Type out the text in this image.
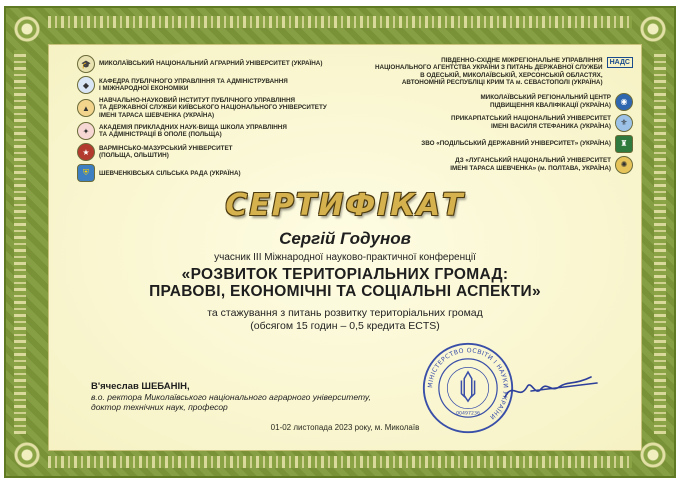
🎓	МИКОЛАЇВСЬКИЙ НАЦІОНАЛЬНИЙ АГРАРНИЙ УНІВЕРСИТЕТ (УКРАЇНА)
◆	КАФЕДРА ПУБЛІЧНОГО УПРАВЛІННЯ ТА АДМІНІСТРУВАННЯ
І МІЖНАРОДНОЇ ЕКОНОМІКИ
▲
НАВЧАЛЬНО-НАУКОВИЙ ІНСТИТУТ ПУБЛІЧНОГО УПРАВЛІННЯ
ТА ДЕРЖАВНОЇ СЛУЖБИ КИЇВСЬКОГО НАЦІОНАЛЬНОГО УНІВЕРСИТЕТУ
ІМЕНІ ТАРАСА ШЕВЧЕНКА (УКРАЇНА)
✦	АКАДЕМІЯ ПРИКЛАДНИХ НАУК-ВИЩА ШКОЛА УПРАВЛІННЯ
ТА АДМІНІСТРАЦІЇ В ОПОЛЕ (ПОЛЬЩА)
★	ВАРМІНСЬКО-МАЗУРСЬКИЙ УНІВЕРСИТЕТ
(ПОЛЬЩА, ОЛЬШТИН)
⛨	ШЕВЧЕНКІВСЬКА СІЛЬСЬКА РАДА (УКРАЇНА)
ПІВДЕННО-СХІДНЕ МІЖРЕГІОНАЛЬНЕ УПРАВЛІННЯ
НАЦІОНАЛЬНОГО АГЕНТСТВА УКРАЇНИ З ПИТАНЬ ДЕРЖАВНОЇ СЛУЖБИ
В ОДЕСЬКІЙ, МИКОЛАЇВСЬКІЙ, ХЕРСОНСЬКІЙ ОБЛАСТЯХ,
АВТОНОМНІЙ РЕСПУБЛІЦІ КРИМ ТА м. СЕВАСТОПОЛІ (УКРАЇНА)
НАДС
МИКОЛАЇВСЬКИЙ РЕГІОНАЛЬНИЙ ЦЕНТР
ПІДВИЩЕННЯ КВАЛІФІКАЦІЇ (УКРАЇНА)	◉
ПРИКАРПАТСЬКИЙ НАЦІОНАЛЬНИЙ УНІВЕРСИТЕТ
ІМЕНІ ВАСИЛЯ СТЕФАНИКА (УКРАЇНА)	⚜
ЗВО «ПОДІЛЬСЬКИЙ ДЕРЖАВНИЙ УНІВЕРСИТЕТ» (УКРАЇНА)	♜
ДЗ «ЛУГАНСЬКИЙ НАЦІОНАЛЬНИЙ УНІВЕРСИТЕТ
ІМЕНІ ТАРАСА ШЕВЧЕНКА» (м. ПОЛТАВА, УКРАЇНА)	✺
СЕРТИФІКАТ
Сергій Годунов
учасник III Міжнародної науково-практичної конференції
«РОЗВИТОК ТЕРИТОРІАЛЬНИХ ГРОМАД:
ПРАВОВІ, ЕКОНОМІЧНІ ТА СОЦІАЛЬНІ АСПЕКТИ»
та стажування з питань розвитку територіальних громад
(обсягом 15 годин – 0,5 кредита ECTS)
В'ячеслав ШЕБАНІН,
в.о. ректора Миколаївського національного аграрного університету,
доктор технічних наук, професор
МІНІСТЕРСТВО ОСВІТИ І НАУКИ УКРАЇНИ
00497236
01-02 листопада 2023 року, м. Миколаїв
